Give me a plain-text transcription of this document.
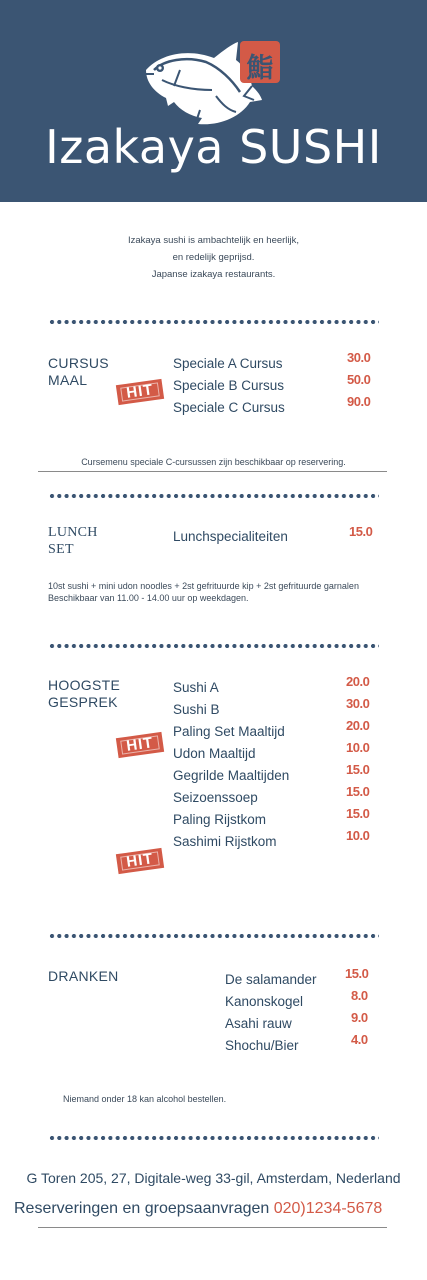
鮨
Izakaya SUSHI
Izakaya sushi is ambachtelijk en heerlijk,
en redelijk geprijsd.
Japanse izakaya restaurants.
CURSUS
MAAL
HIT
Speciale A Cursus	30.0
Speciale B Cursus	50.0
Speciale C Cursus	90.0
Cursemenu speciale C-cursussen zijn beschikbaar op reservering.
LUNCH
SET
Lunchspecialiteiten	15.0
10st sushi + mini udon noodles + 2st gefrituurde kip + 2st gefrituurde garnalen
Beschikbaar van 11.00 - 14.00 uur op weekdagen.
HOOGSTE
GESPREK
HIT
HIT
Sushi A	20.0
Sushi B	30.0
Paling Set Maaltijd	20.0
Udon Maaltijd	10.0
Gegrilde Maaltijden	15.0
Seizoenssoep	15.0
Paling Rijstkom	15.0
Sashimi Rijstkom	10.0
DRANKEN	De salamander 15.0
Kanonskogel	8.0
Asahi rauw	9.0
Shochu/Bier	4.0
Niemand onder 18 kan alcohol bestellen.
G Toren 205, 27, Digitale-weg 33-gil, Amsterdam, Nederland
Reserveringen en groepsaanvragen 020)1234-5678
